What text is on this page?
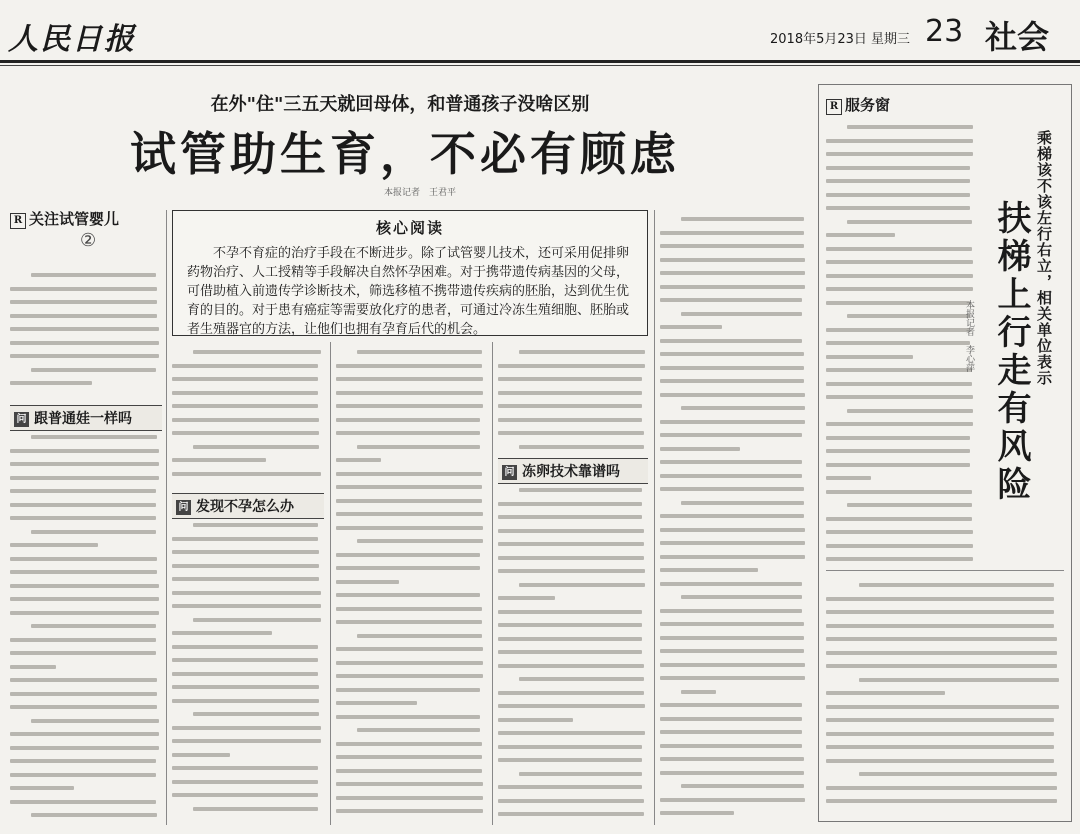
人民日报	2018年5月23日 星期三 23 社会
在外"住"三五天就回母体，和普通孩子没啥区别
试管助生育，不必有顾虑
本报记者　王君平
R 关注试管婴儿
②
核心阅读
不孕不育症的治疗手段在不断进步。除了试管婴儿技术，还可采用促排卵药物治疗、人工授精等手段解决自然怀孕困难。对于携带遗传病基因的父母，可借助植入前遗传学诊断技术，筛选移植不携带遗传疾病的胚胎，达到优生优育的目的。对于患有癌症等需要放化疗的患者，可通过冷冻生殖细胞、胚胎或者生殖器官的方法，让他们也拥有孕育后代的机会。
问 跟普通娃一样吗
问 发现不孕怎么办
问 冻卵技术靠谱吗
R 服务窗
乘梯该不该左行右立，相关单位表示
扶梯上行走有风险
本报记者　李心萍
